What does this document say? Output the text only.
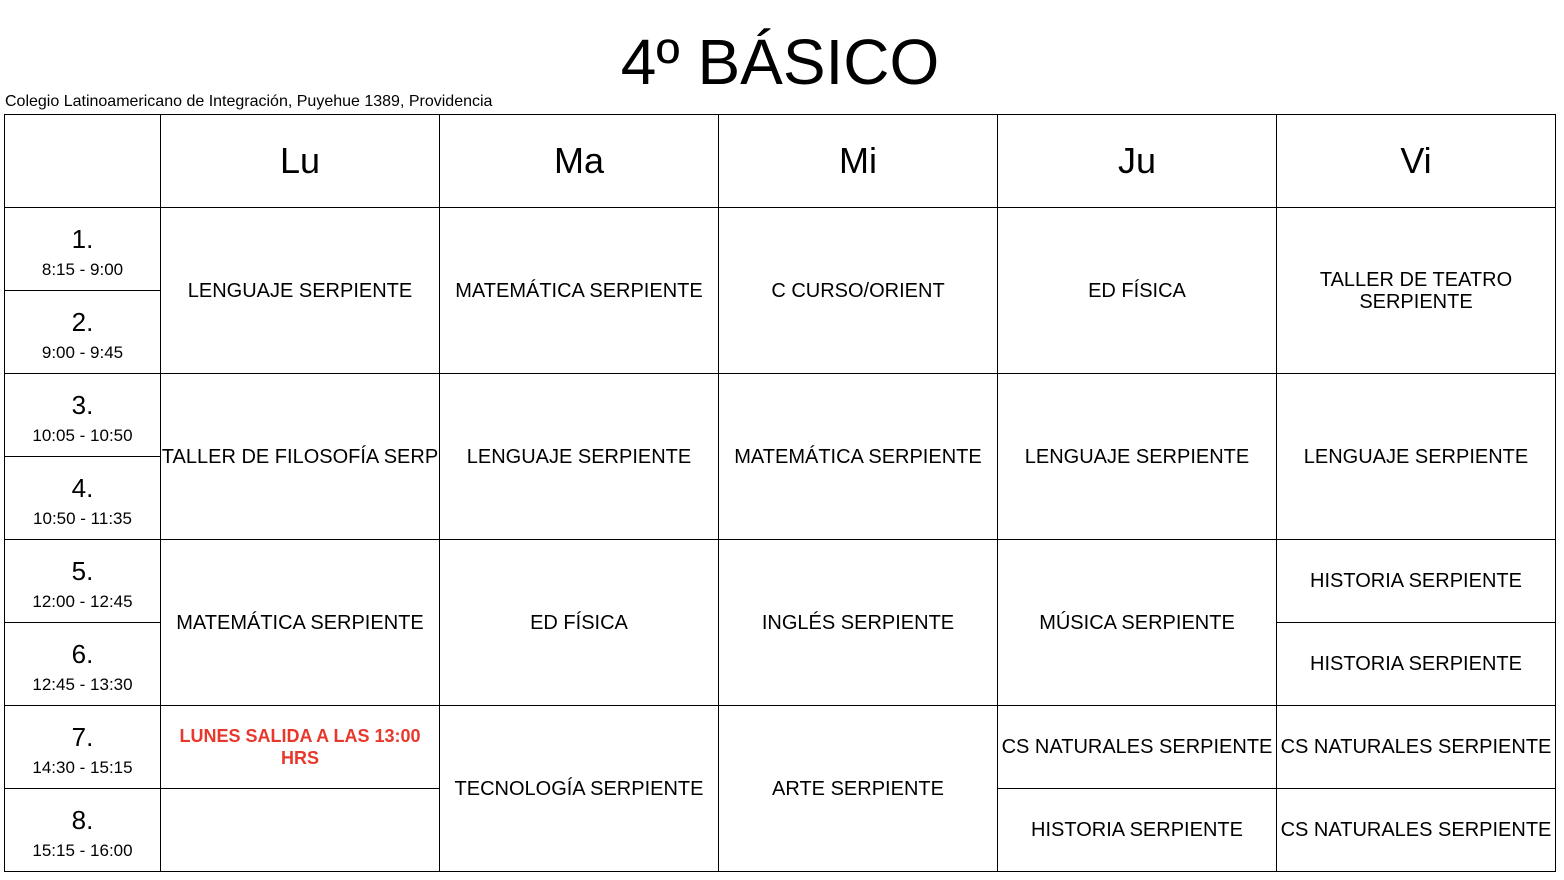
4º BÁSICO
Colegio Latinoamericano de Integración, Puyehue 1389, Providencia
	Lu	Ma	Mi	Ju	Vi

1.
8:15 - 9:00	LENGUAJE SERPIENTE	MATEMÁTICA SERPIENTE	C CURSO/ORIENT	ED FÍSICA	TALLER DE TEATRO SERPIENTE

2.
9:00 - 9:45					

3.
10:05 - 10:50	TALLER DE FILOSOFÍA SERP	LENGUAJE SERPIENTE	MATEMÁTICA SERPIENTE	LENGUAJE SERPIENTE	LENGUAJE SERPIENTE

4.
10:50 - 11:35					

5.
12:00 - 12:45	MATEMÁTICA SERPIENTE	ED FÍSICA	INGLÉS SERPIENTE	MÚSICA SERPIENTE	HISTORIA SERPIENTE

6.
12:45 - 13:30					HISTORIA SERPIENTE

7.
14:30 - 15:15	LUNES SALIDA A LAS 13:00 HRS	TECNOLOGÍA SERPIENTE	ARTE SERPIENTE	CS NATURALES SERPIENTE	CS NATURALES SERPIENTE

8.
15:15 - 16:00				HISTORIA SERPIENTE	CS NATURALES SERPIENTE
